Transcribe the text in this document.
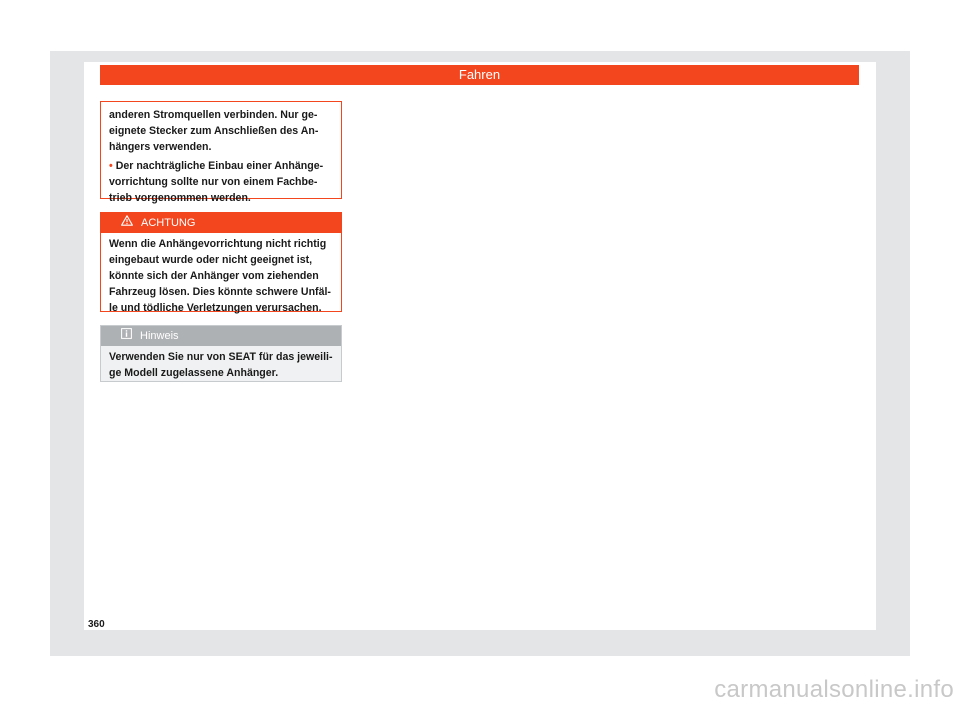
Fahren
anderen Stromquellen verbinden. Nur ge-
eignete Stecker zum Anschließen des An-
hängers verwenden.
• Der nachträgliche Einbau einer Anhänge-
vorrichtung sollte nur von einem Fachbe-
trieb vorgenommen werden.
ACHTUNG
Wenn die Anhängevorrichtung nicht richtig
eingebaut wurde oder nicht geeignet ist,
könnte sich der Anhänger vom ziehenden
Fahrzeug lösen. Dies könnte schwere Unfäl-
le und tödliche Verletzungen verursachen.
Hinweis
Verwenden Sie nur von SEAT für das jeweili-
ge Modell zugelassene Anhänger.
360
carmanualsonline.info
